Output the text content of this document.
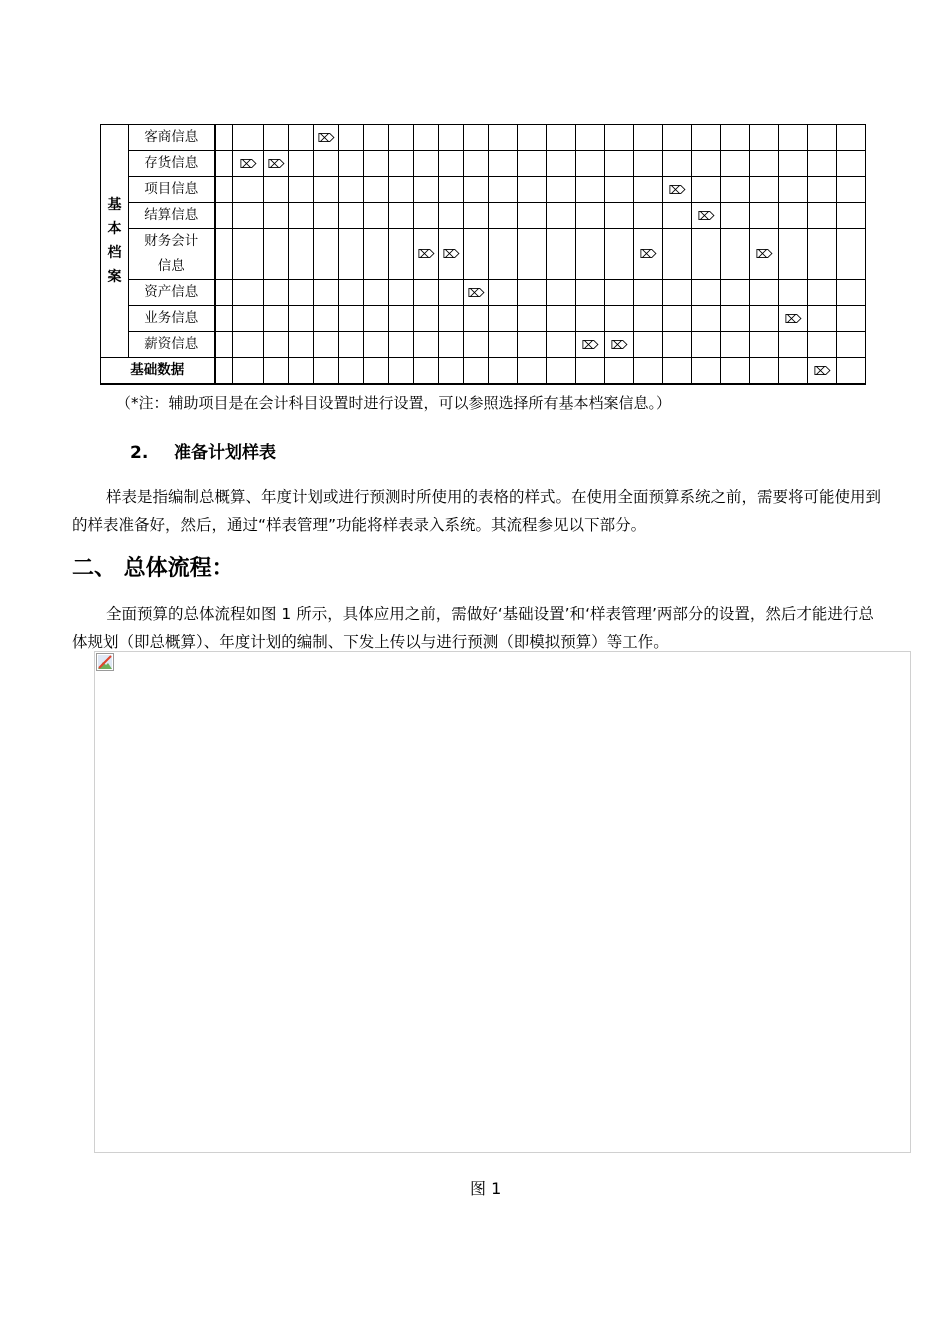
基
本
档
案	客商信息					⌦																			
	存货信息		⌦	⌦																					
	项目信息																		⌦						
	结算信息																			⌦					
	财务会计信息									⌦	⌦							⌦				⌦			
	资产信息											⌦													
	业务信息																						⌦		
	薪资信息															⌦	⌦								
基础数据																								⌦	
（*注：辅助项目是在会计科目设置时进行设置，可以参照选择所有基本档案信息。）
2. 准备计划样表
样表是指编制总概算、年度计划或进行预测时所使用的表格的样式。在使用全面预算系统之前，需要将可能使用到的样表准备好，然后，通过“样表管理”功能将样表录入系统。其流程参见以下部分。
二、 总体流程：
全面预算的总体流程如图 1 所示，具体应用之前，需做好‘基础设置’和‘样表管理’两部分的设置，然后才能进行总体规划（即总概算）、年度计划的编制、下发上传以与进行预测（即模拟预算）等工作。
图 1
